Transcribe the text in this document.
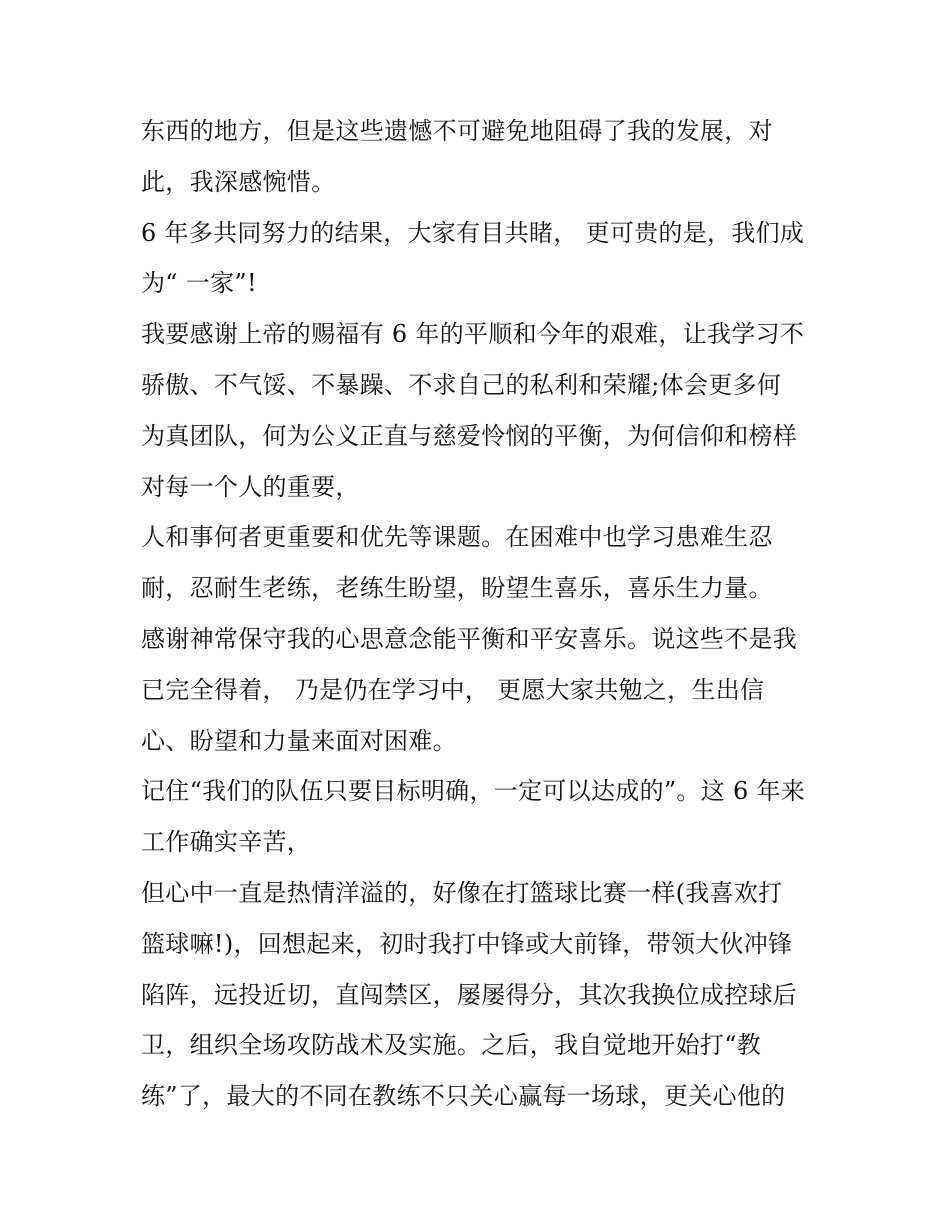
东西的地方，但是这些遗憾不可避免地阻碍了我的发展，对
此，我深感惋惜。
6 年多共同努力的结果，大家有目共睹， 更可贵的是，我们成
为“ 一家”!
我要感谢上帝的赐福有 6 年的平顺和今年的艰难，让我学习不
骄傲、不气馁、不暴躁、不求自己的私利和荣耀;体会更多何
为真团队，何为公义正直与慈爱怜悯的平衡，为何信仰和榜样
对每一个人的重要，
人和事何者更重要和优先等课题。在困难中也学习患难生忍
耐，忍耐生老练，老练生盼望，盼望生喜乐，喜乐生力量。
感谢神常保守我的心思意念能平衡和平安喜乐。说这些不是我
已完全得着， 乃是仍在学习中， 更愿大家共勉之，生出信
心、盼望和力量来面对困难。
记住“我们的队伍只要目标明确，一定可以达成的”。这 6 年来
工作确实辛苦，
但心中一直是热情洋溢的，好像在打篮球比赛一样(我喜欢打
篮球嘛!)，回想起来，初时我打中锋或大前锋，带领大伙冲锋
陷阵，远投近切，直闯禁区，屡屡得分，其次我换位成控球后
卫，组织全场攻防战术及实施。之后，我自觉地开始打“教
练”了，最大的不同在教练不只关心赢每一场球，更关心他的
